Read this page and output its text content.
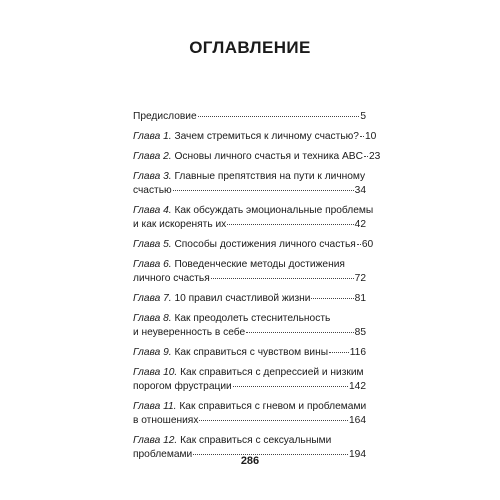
ОГЛАВЛЕНИЕ
Предисловие	5
Глава 1. Зачем стремиться к личному счастью? 10
Глава 2. Основы личного счастья и техника ABC 23
Глава 3. Главные препятствия на пути к личному
счастью	34
Глава 4. Как обсуждать эмоциональные проблемы
и как искоренять их	42
Глава 5. Способы достижения личного счастья 60
Глава 6. Поведенческие методы достижения
личного счастья	72
Глава 7. 10 правил счастливой жизни	81
Глава 8. Как преодолеть стеснительность
и неуверенность в себе	85
Глава 9. Как справиться с чувством вины 116
Глава 10. Как справиться с депрессией и низким
порогом фрустрации	142
Глава 11. Как справиться с гневом и проблемами
в отношениях	164
Глава 12. Как справиться с сексуальными
проблемами	194
286
